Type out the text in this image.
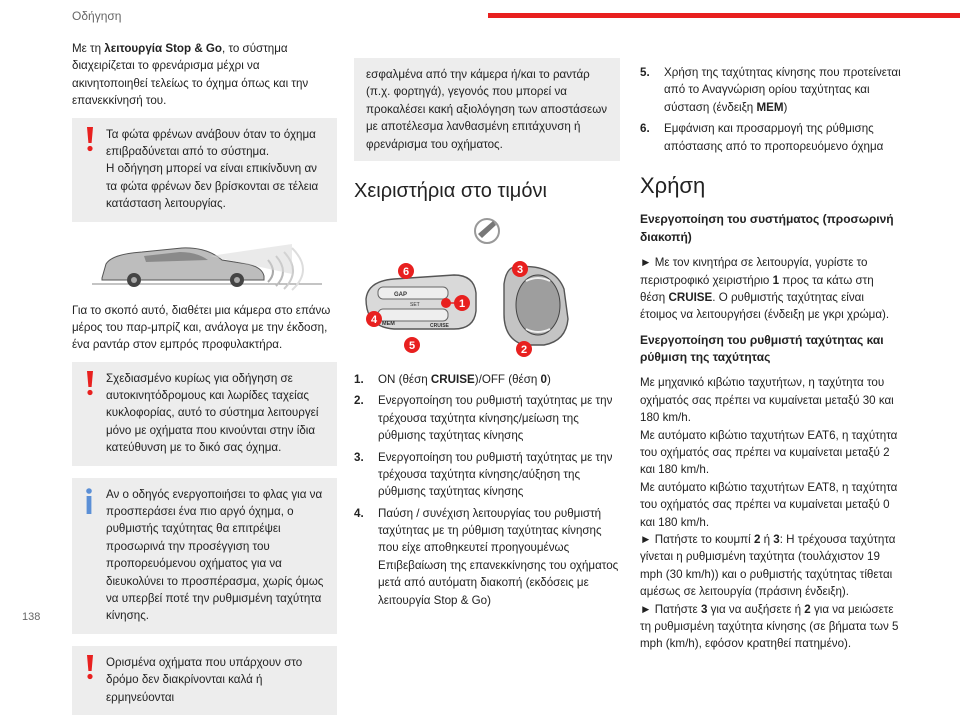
Οδήγηση

Με τη λειτουργία Stop & Go, το σύστημα διαχειρίζεται το φρενάρισμα μέχρι να ακινητοποιηθεί τελείως το όχημα όπως και την επανεκκίνησή του.

Τα φώτα φρένων ανάβουν όταν το όχημα επιβραδύνεται από το σύστημα.
Η οδήγηση μπορεί να είναι επικίνδυνη αν τα φώτα φρένων δεν βρίσκονται σε τέλεια κατάσταση λειτουργίας.

Για το σκοπό αυτό, διαθέτει μια κάμερα στο επάνω μέρος του παρ-μπρίζ και, ανάλογα με την έκδοση, ένα ραντάρ στον εμπρός προφυλακτήρα.

Σχεδιασμένο κυρίως για οδήγηση σε αυτοκινητόδρομους και λωρίδες ταχείας κυκλοφορίας, αυτό το σύστημα λειτουργεί μόνο με οχήματα που κινούνται στην ίδια κατεύθυνση με το δικό σας όχημα.
Αν ο οδηγός ενεργοποιήσει το φλας για να προσπεράσει ένα πιο αργό όχημα, ο ρυθμιστής ταχύτητας θα επιτρέψει προσωρινά την προσέγγιση του προπορευόμενου οχήματος για να διευκολύνει το προσπέρασμα, χωρίς όμως να υπερβεί ποτέ την ρυθμισμένη ταχύτητα κίνησης.
Ορισμένα οχήματα που υπάρχουν στο δρόμο δεν διακρίνονται καλά ή ερμηνεύονται
εσφαλμένα από την κάμερα ή/και το ραντάρ (π.χ. φορτηγά), γεγονός που μπορεί να προκαλέσει κακή αξιολόγηση των αποστάσεων με αποτέλεσμα λανθασμένη επιτάχυνση ή φρενάρισμα του οχήματος.
Χειριστήρια στο τιμόνι
GAP
SET
MEM	CRUISE
6
4
5
1
3
2
1. ON (θέση CRUISE)/OFF (θέση 0)
2. Ενεργοποίηση του ρυθμιστή ταχύτητας με την τρέχουσα ταχύτητα κίνησης/μείωση της ρύθμισης ταχύτητας κίνησης
3. Ενεργοποίηση του ρυθμιστή ταχύτητας με την τρέχουσα ταχύτητα κίνησης/αύξηση της ρύθμισης ταχύτητας κίνησης
4. Παύση / συνέχιση λειτουργίας του ρυθμιστή ταχύτητας με τη ρύθμιση ταχύτητας κίνησης που είχε αποθηκευτεί προηγουμένως
Επιβεβαίωση της επανεκκίνησης του οχήματος μετά από αυτόματη διακοπή (εκδόσεις με λειτουργία Stop & Go)
5. Χρήση της ταχύτητας κίνησης που προτείνεται από το Αναγνώριση ορίου ταχύτητας και σύσταση (ένδειξη MEM)
6. Εμφάνιση και προσαρμογή της ρύθμισης απόστασης από το προπορευόμενο όχημα
Χρήση
Ενεργοποίηση του συστήματος (προσωρινή διακοπή)

► Με τον κινητήρα σε λειτουργία, γυρίστε το περιστροφικό χειριστήριο 1 προς τα κάτω στη θέση CRUISE. Ο ρυθμιστής ταχύτητας είναι έτοιμος να λειτουργήσει (ένδειξη με γκρι χρώμα).

Ενεργοποίηση του ρυθμιστή ταχύτητας και ρύθμιση της ταχύτητας

Με μηχανικό κιβώτιο ταχυτήτων, η ταχύτητα του οχήματός σας πρέπει να κυμαίνεται μεταξύ 30 και 180 km/h.

Με αυτόματο κιβώτιο ταχυτήτων EAT6, η ταχύτητα του οχήματός σας πρέπει να κυμαίνεται μεταξύ 2 και 180 km/h.

Με αυτόματο κιβώτιο ταχυτήτων EAT8, η ταχύτητα του οχήματός σας πρέπει να κυμαίνεται μεταξύ 0 και 180 km/h.

► Πατήστε το κουμπί 2 ή 3: Η τρέχουσα ταχύτητα γίνεται η ρυθμισμένη ταχύτητα (τουλάχιστον 19 mph (30 km/h)) και ο ρυθμιστής ταχύτητας τίθεται αμέσως σε λειτουργία (πράσινη ένδειξη).

► Πατήστε 3 για να αυξήσετε ή 2 για να μειώσετε τη ρυθμισμένη ταχύτητα κίνησης (σε βήματα των 5 mph (km/h), εφόσον κρατηθεί πατημένο).

138
